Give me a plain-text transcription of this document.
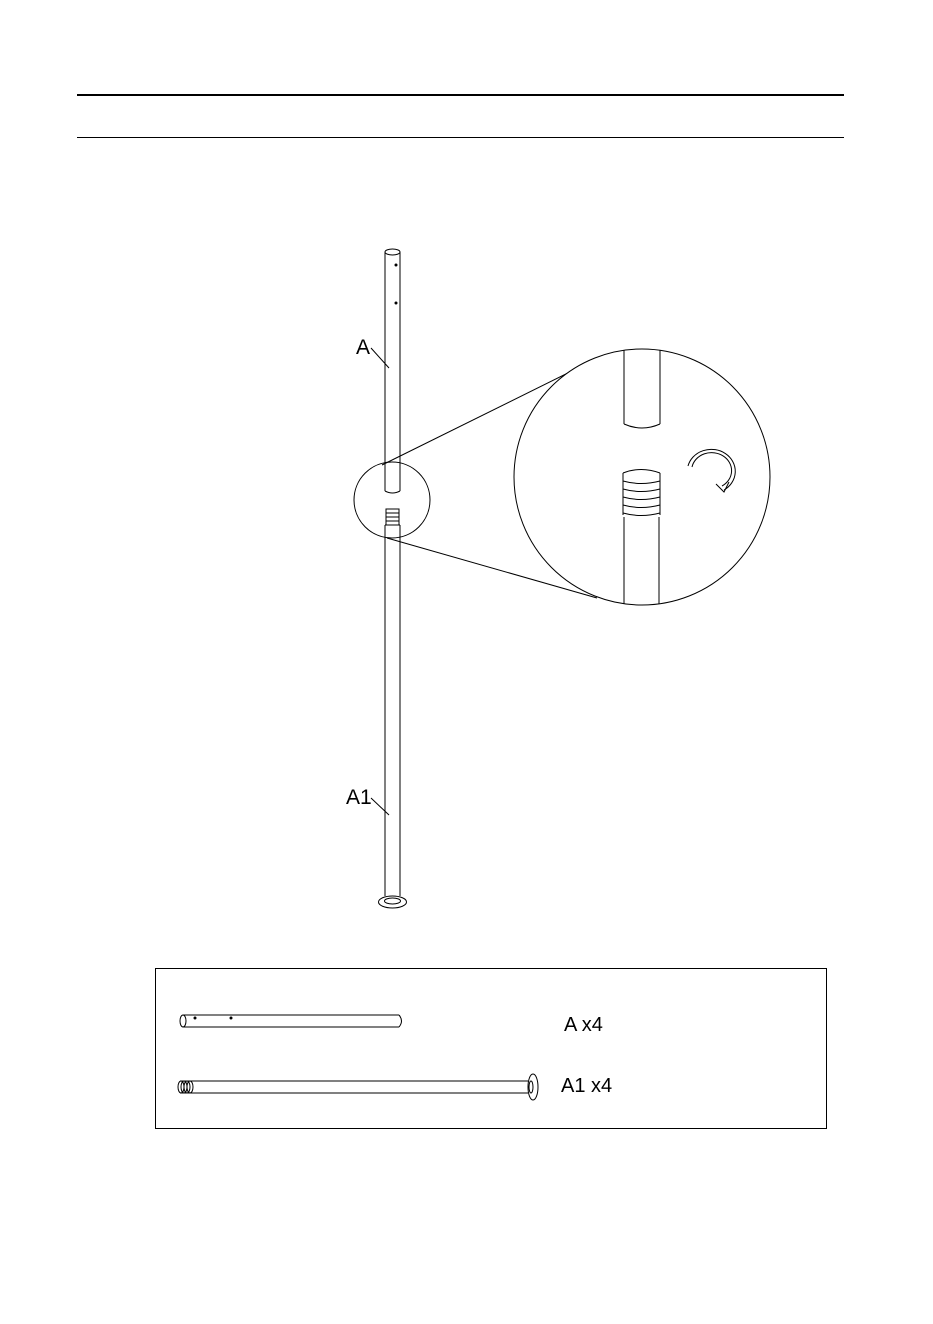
A
A1
A x4
A1 x4
